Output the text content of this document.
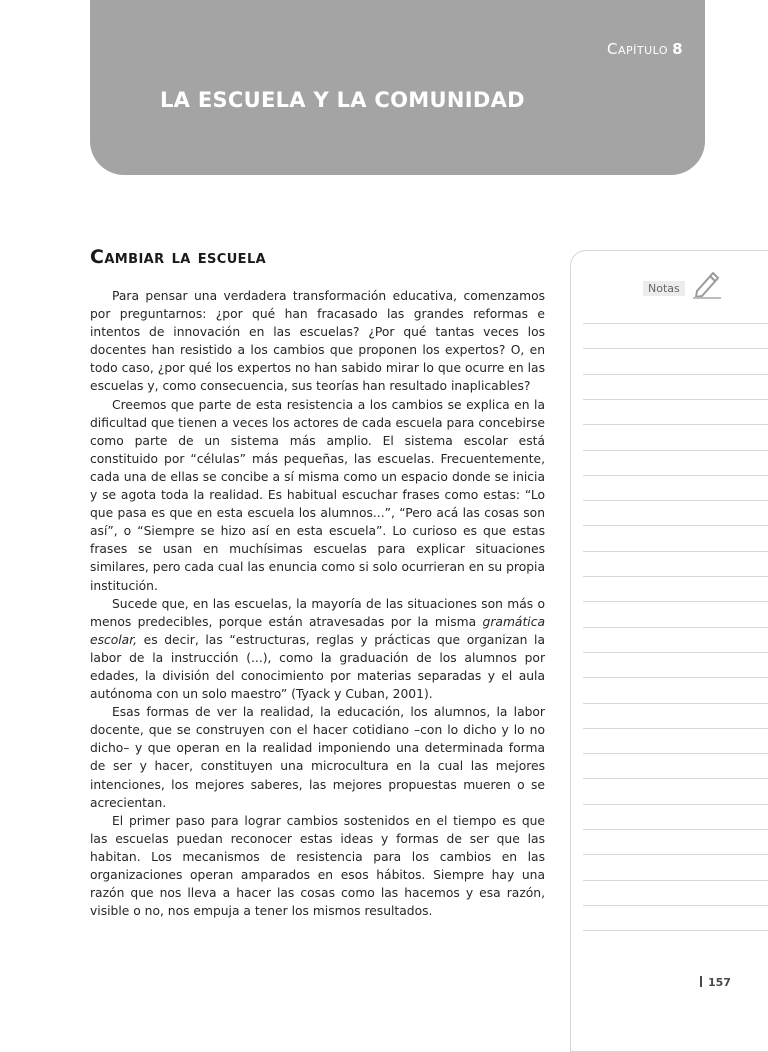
Capítulo 8
LA ESCUELA Y LA COMUNIDAD
Cambiar la escuela

Para pensar una verdadera transformación educativa, comenzamos por preguntarnos: ¿por qué han fracasado las grandes reformas e intentos de innovación en las escuelas? ¿Por qué tantas veces los docentes han resistido a los cambios que proponen los expertos? O, en todo caso, ¿por qué los expertos no han sabido mirar lo que ocurre en las escuelas y, como consecuencia, sus teorías han resultado inaplicables?

Creemos que parte de esta resistencia a los cambios se explica en la dificultad que tienen a veces los actores de cada escuela para concebirse como parte de un sistema más amplio. El sistema escolar está constituido por “células” más pequeñas, las escuelas. Frecuentemente, cada una de ellas se concibe a sí misma como un espacio donde se inicia y se agota toda la realidad. Es habitual escuchar frases como estas: “Lo que pasa es que en esta escuela los alumnos...”, “Pero acá las cosas son así”, o “Siempre se hizo así en esta escuela”. Lo curioso es que estas frases se usan en muchísimas escuelas para explicar situaciones similares, pero cada cual las enuncia como si solo ocurrieran en su propia institución.

Sucede que, en las escuelas, la mayoría de las situaciones son más o menos predecibles, porque están atravesadas por la misma gramática escolar, es decir, las “estructuras, reglas y prácticas que organizan la labor de la instrucción (...), como la graduación de los alumnos por edades, la división del conocimiento por materias separadas y el aula autónoma con un solo maestro” (Tyack y Cuban, 2001).

Esas formas de ver la realidad, la educación, los alumnos, la labor docente, que se construyen con el hacer cotidiano –con lo dicho y lo no dicho– y que operan en la realidad imponiendo una determinada forma de ser y hacer, constituyen una microcultura en la cual las mejores intenciones, los mejores saberes, las mejores propuestas mueren o se acrecientan.

El primer paso para lograr cambios sostenidos en el tiempo es que las escuelas puedan reconocer estas ideas y formas de ser que las habitan. Los mecanismos de resistencia para los cambios en las organizaciones operan amparados en esos hábitos. Siempre hay una razón que nos lleva a hacer las cosas como las hacemos y esa razón, visible o no, nos empuja a tener los mismos resultados.

Notas
157
